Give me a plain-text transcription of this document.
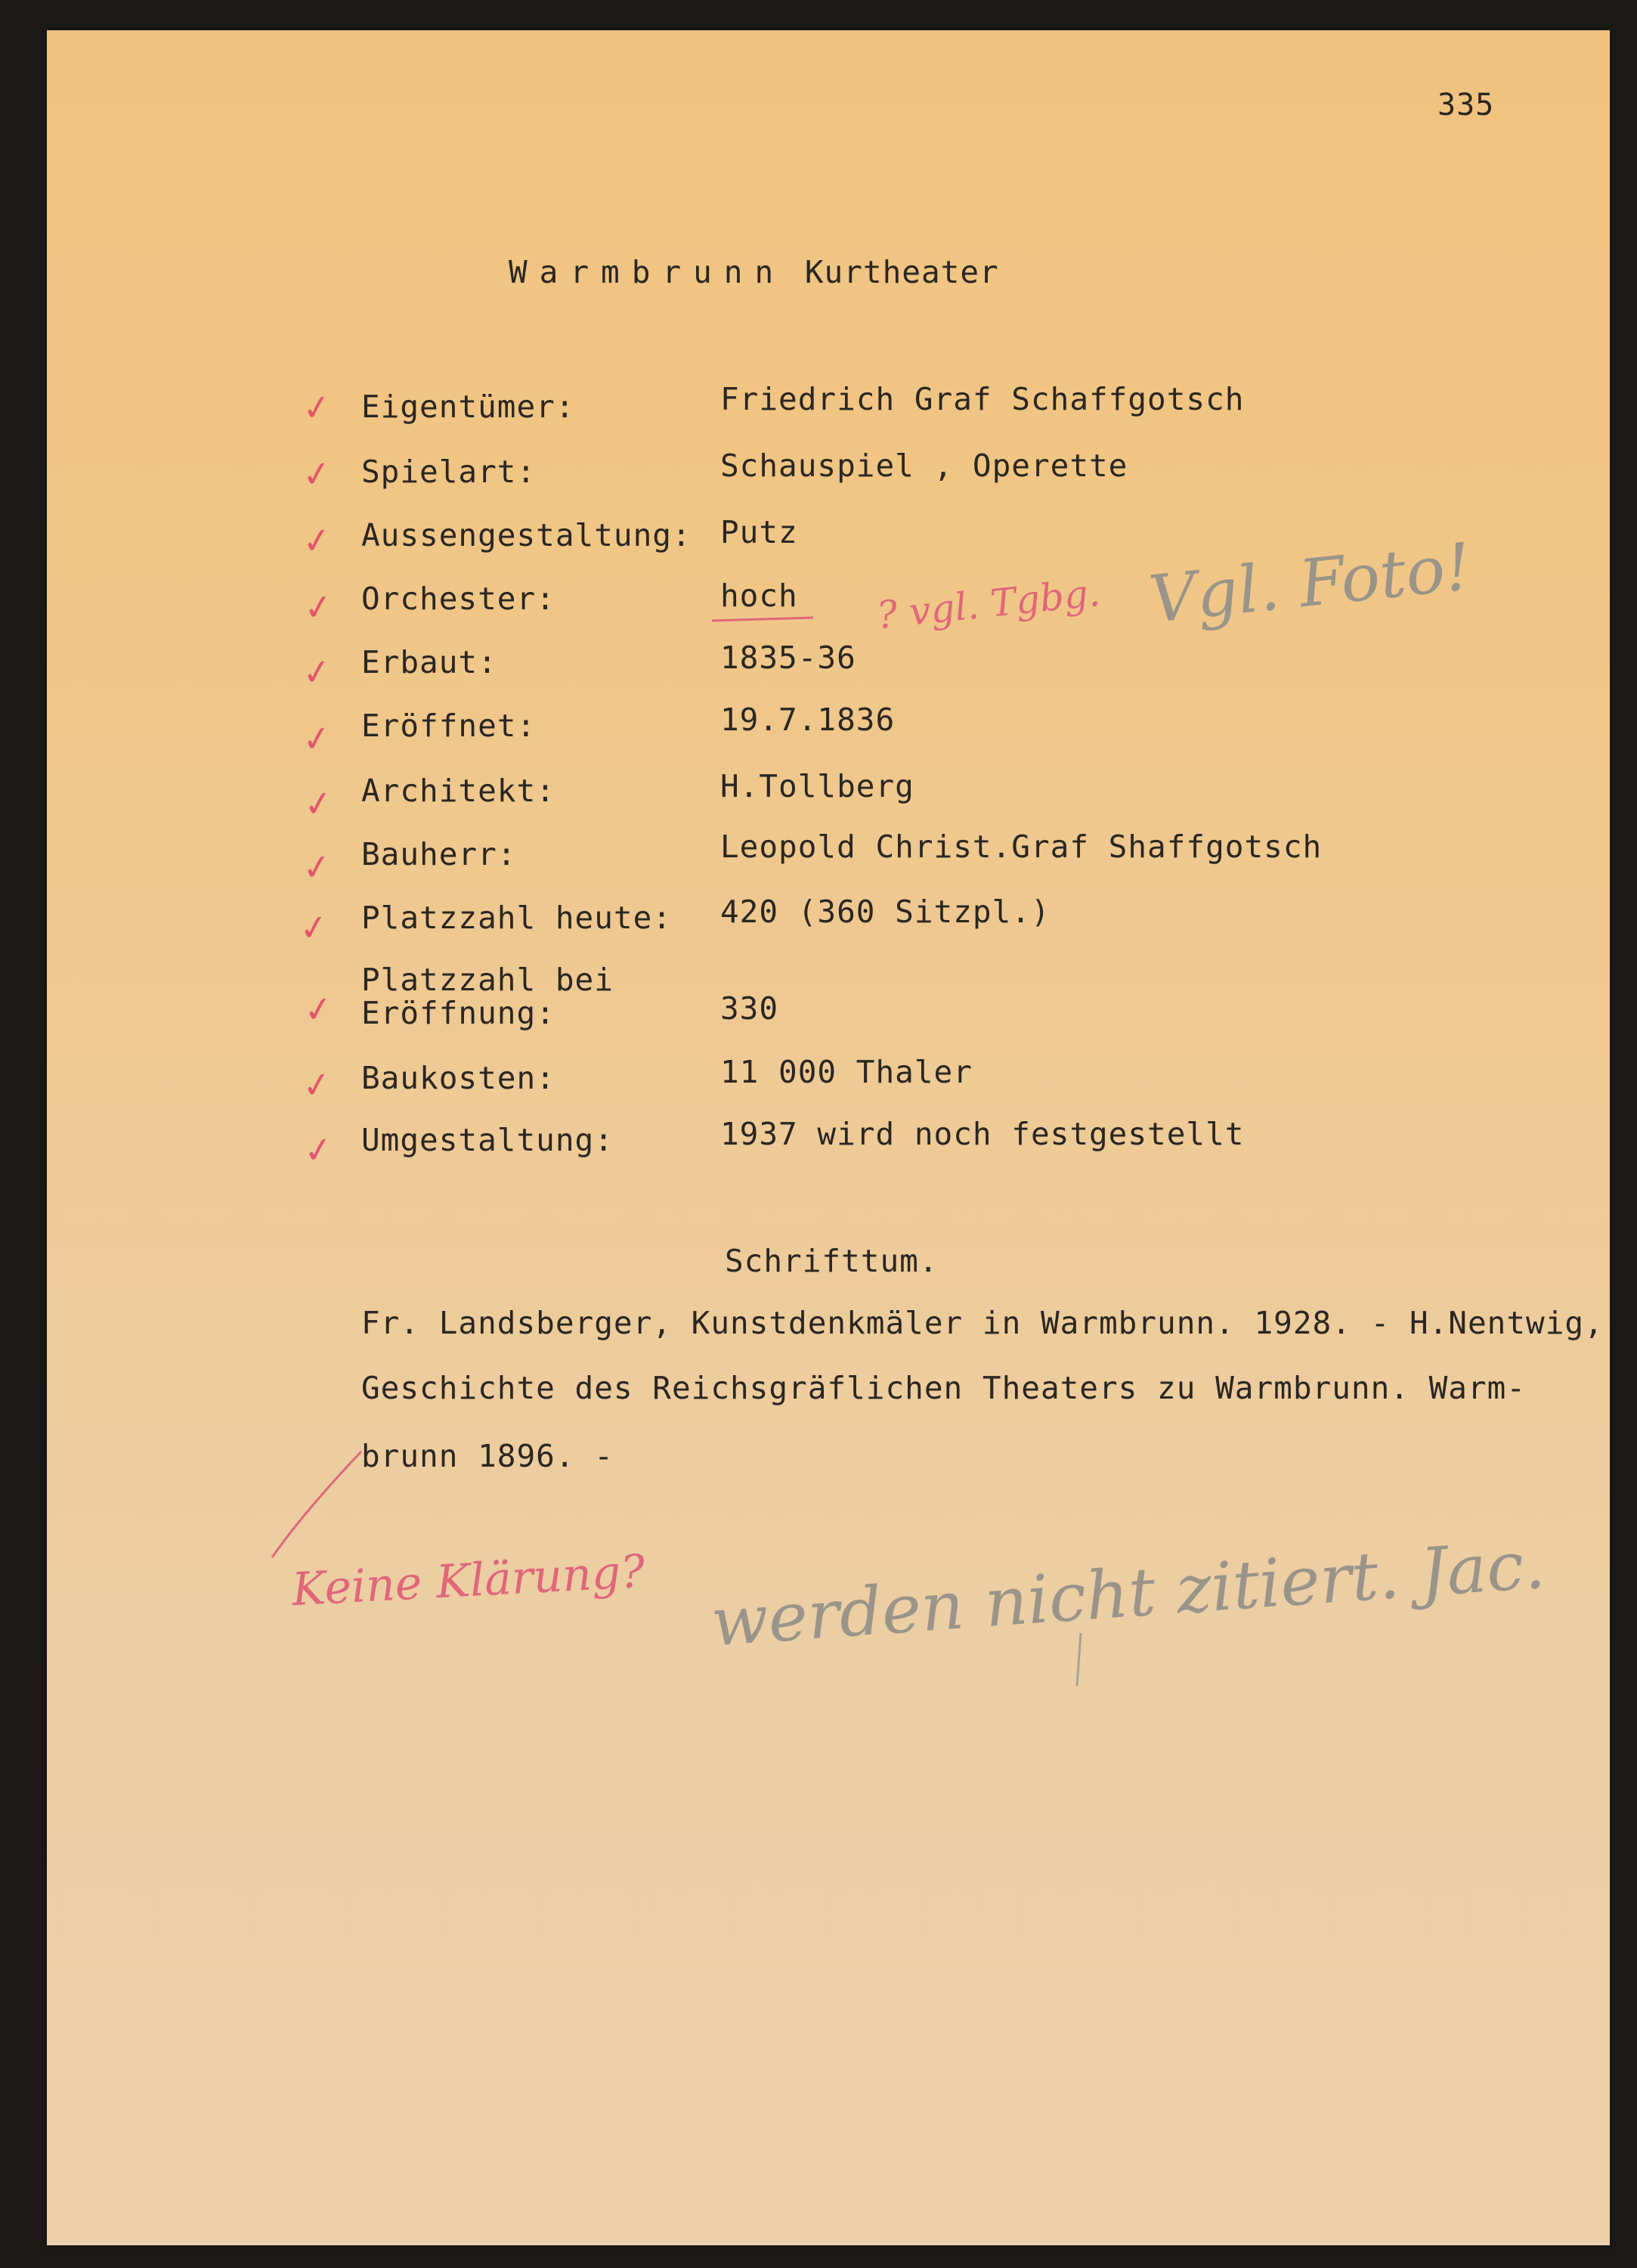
335
Warmbrunn Kurtheater
✓ Eigentümer:	Friedrich Graf Schaffgotsch
✓ Spielart:	Schauspiel , Operette
✓ Aussengestaltung: Putz
✓ Orchester:	hoch
✓ Erbaut:	1835-36
✓ Eröffnet:	19.7.1836
✓ Architekt:	H.Tollberg
✓ Bauherr:	Leopold Christ.Graf Shaffgotsch
✓ Platzzahl heute: 420 (360 Sitzpl.)
✓
Platzzahl bei
Eröffnung:	330
✓ Baukosten:	11 000 Thaler
✓ Umgestaltung:	1937 wird noch festgestellt
? vgl. Tgbg. Vgl. Foto!
Schrifttum.
Fr. Landsberger, Kunstdenkmäler in Warmbrunn. 1928. - H.Nentwig,
Geschichte des Reichsgräflichen Theaters zu Warmbrunn. Warm-
brunn 1896. -
Keine Klärung? werden nicht zitiert. Jac.
